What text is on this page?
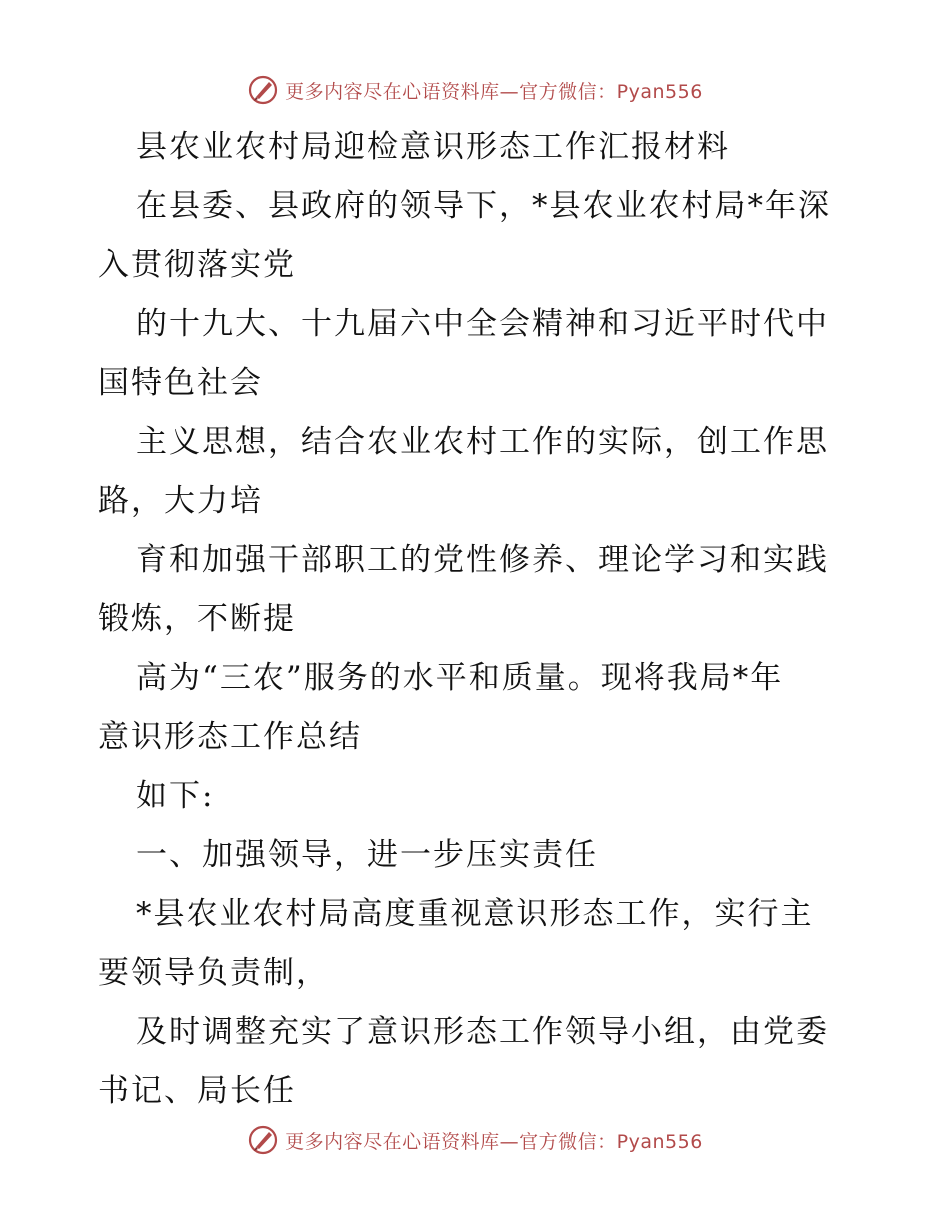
更多内容尽在心语资料库—官方微信：Pyan556
县农业农村局迎检意识形态工作汇报材料
在县委、县政府的领导下，*县农业农村局*年深
入贯彻落实党
的十九大、十九届六中全会精神和习近平时代中
国特色社会
主义思想，结合农业农村工作的实际，创工作思
路，大力培
育和加强干部职工的党性修养、理论学习和实践
锻炼，不断提
高为“三农”服务的水平和质量。现将我局*年
意识形态工作总结
如下:
一、加强领导，进一步压实责任
*县农业农村局高度重视意识形态工作，实行主
要领导负责制，
及时调整充实了意识形态工作领导小组，由党委
书记、局长任
更多内容尽在心语资料库—官方微信：Pyan556
